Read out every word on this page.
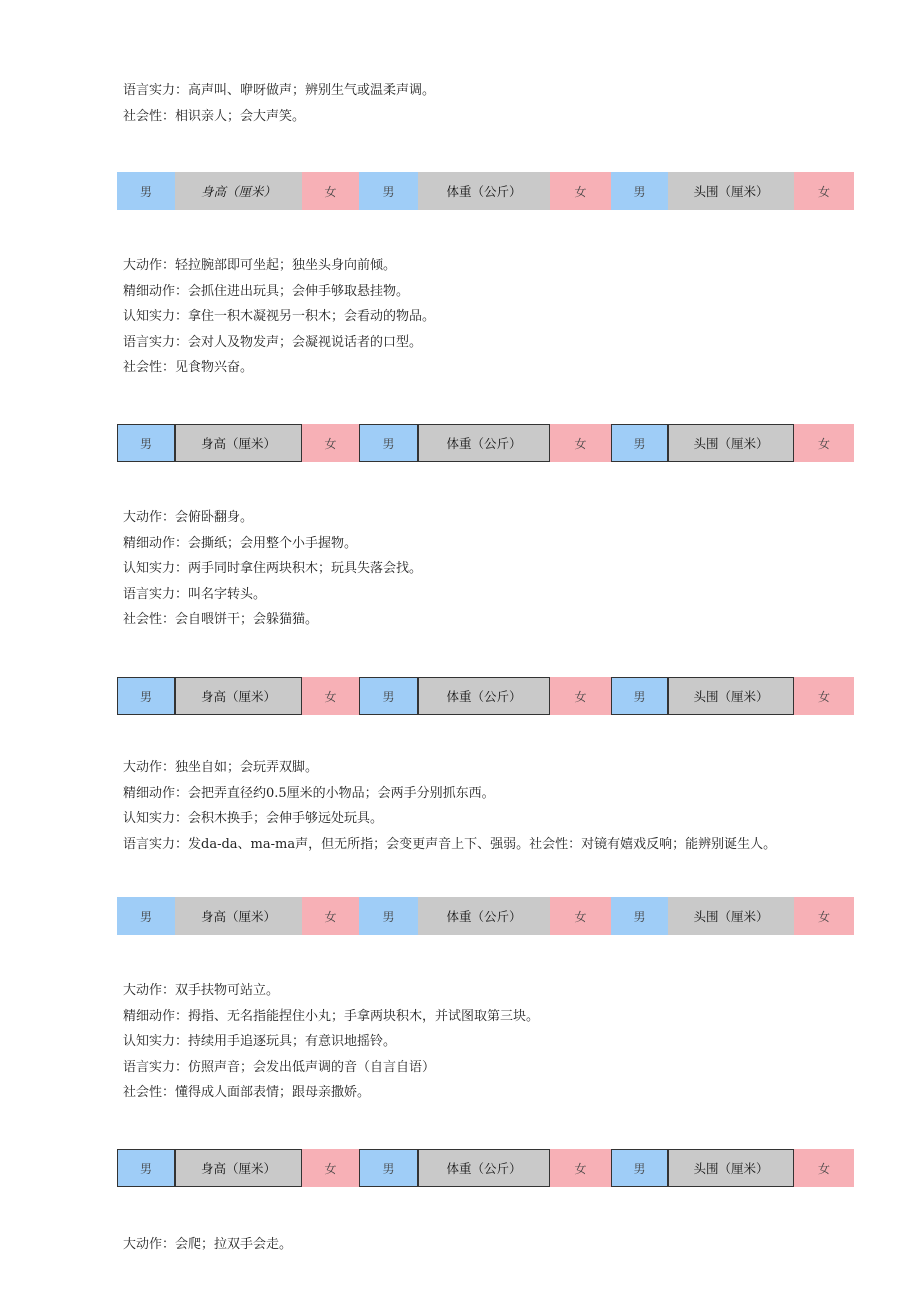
语言实力：高声叫、咿呀做声；辨别生气或温柔声调。
社会性：相识亲人；会大声笑。
男	身高（厘米）	女	男	体重（公斤）	女	男	头围（厘米）	女
大动作：轻拉腕部即可坐起；独坐头身向前倾。
精细动作：会抓住进出玩具；会伸手够取悬挂物。
认知实力：拿住一积木凝视另一积木；会看动的物品。
语言实力：会对人及物发声；会凝视说话者的口型。
社会性：见食物兴奋。
男	身高（厘米）	女	男	体重（公斤）	女	男	头围（厘米）	女
大动作：会俯卧翻身。
精细动作：会撕纸；会用整个小手握物。
认知实力：两手同时拿住两块积木；玩具失落会找。
语言实力：叫名字转头。
社会性：会自喂饼干；会躲猫猫。
男	身高（厘米）	女	男	体重（公斤）	女	男	头围（厘米）	女
大动作：独坐自如；会玩弄双脚。
精细动作：会把弄直径约0.5厘米的小物品；会两手分别抓东西。
认知实力：会积木换手；会伸手够远处玩具。
语言实力：发da-da、ma-ma声，但无所指；会变更声音上下、强弱。社会性：对镜有嬉戏反响；能辨别诞生人。
男	身高（厘米）	女	男	体重（公斤）	女	男	头围（厘米）	女
大动作：双手扶物可站立。
精细动作：拇指、无名指能捏住小丸；手拿两块积木，并试图取第三块。
认知实力：持续用手追逐玩具；有意识地摇铃。
语言实力：仿照声音；会发出低声调的音（自言自语）
社会性：懂得成人面部表情；跟母亲撒娇。
男	身高（厘米）	女	男	体重（公斤）	女	男	头围（厘米）	女
大动作：会爬；拉双手会走。
